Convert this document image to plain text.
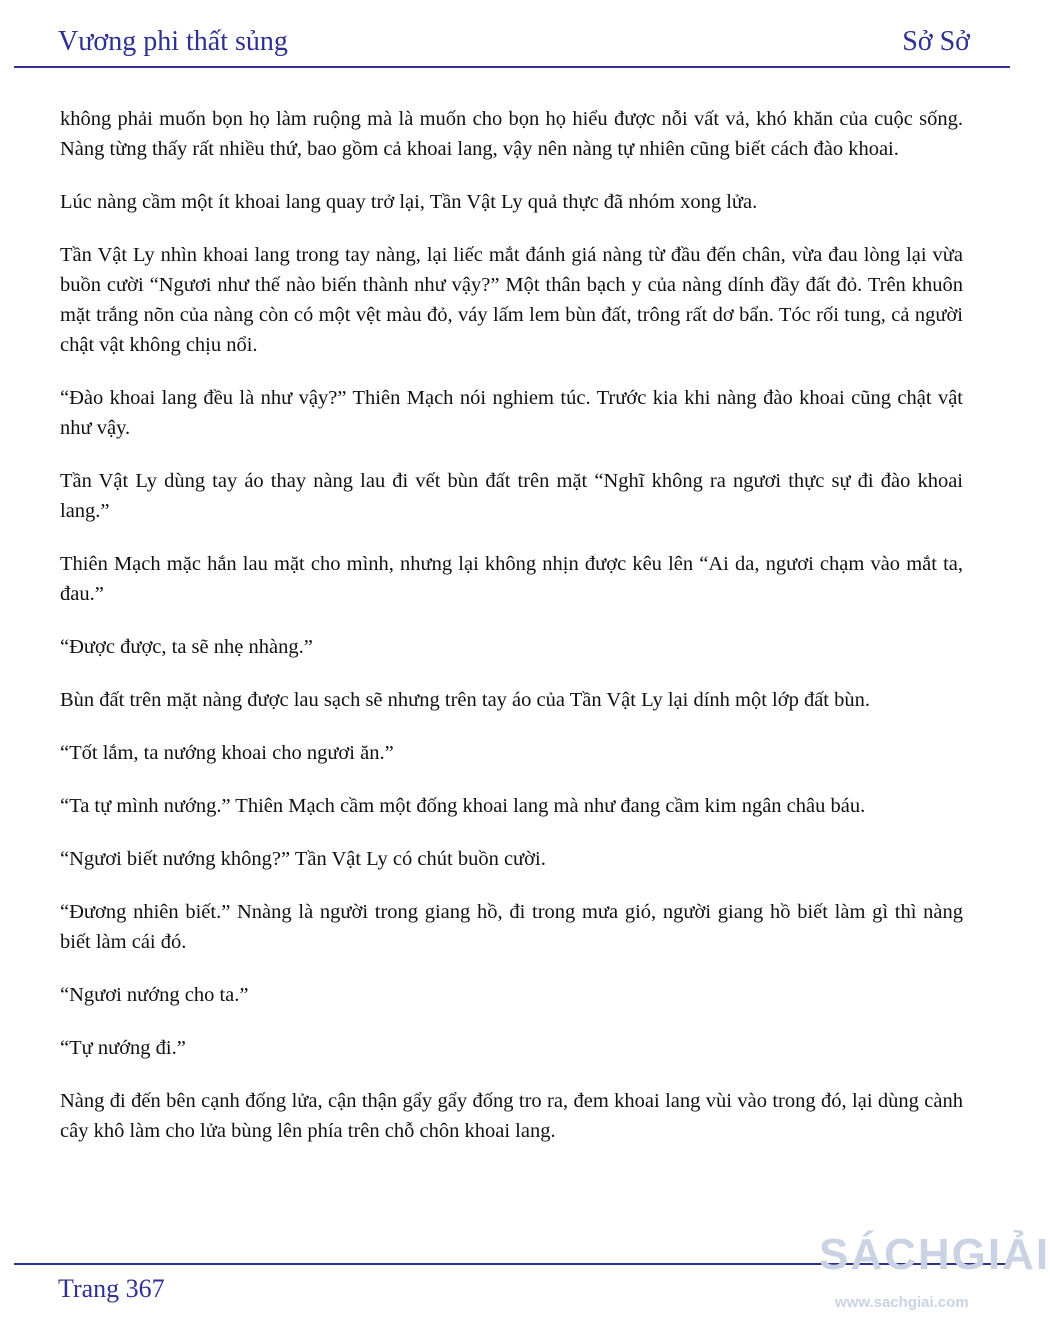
Vương phi thất sủng	Sở Sở

không phải muốn bọn họ làm ruộng mà là muốn cho bọn họ hiểu được nỗi vất vả, khó khăn của cuộc sống. Nàng từng thấy rất nhiều thứ, bao gồm cả khoai lang, vậy nên nàng tự nhiên cũng biết cách đào khoai.

Lúc nàng cầm một ít khoai lang quay trở lại, Tần Vật Ly quả thực đã nhóm xong lửa.

Tần Vật Ly nhìn khoai lang trong tay nàng, lại liếc mắt đánh giá nàng từ đầu đến chân, vừa đau lòng lại vừa buồn cười “Ngươi như thế nào biến thành như vậy?” Một thân bạch y của nàng dính đầy đất đỏ. Trên khuôn mặt trắng nõn của nàng còn có một vệt màu đỏ, váy lấm lem bùn đất, trông rất dơ bẩn. Tóc rối tung, cả người chật vật không chịu nổi.

“Đào khoai lang đều là như vậy?” Thiên Mạch nói nghiem túc. Trước kia khi nàng đào khoai cũng chật vật như vậy.

Tần Vật Ly dùng tay áo thay nàng lau đi vết bùn đất trên mặt “Nghĩ không ra ngươi thực sự đi đào khoai lang.”

Thiên Mạch mặc hắn lau mặt cho mình, nhưng lại không nhịn được kêu lên “Ai da, ngươi chạm vào mắt ta, đau.”

“Được được, ta sẽ nhẹ nhàng.”

Bùn đất trên mặt nàng được lau sạch sẽ nhưng trên tay áo của Tần Vật Ly lại dính một lớp đất bùn.

“Tốt lắm, ta nướng khoai cho ngươi ăn.”

“Ta tự mình nướng.” Thiên Mạch cầm một đống khoai lang mà như đang cầm kim ngân châu báu.

“Ngươi biết nướng không?” Tần Vật Ly có chút buồn cười.

“Đương nhiên biết.” Nnàng là người trong giang hồ, đi trong mưa gió, người giang hồ biết làm gì thì nàng biết làm cái đó.

“Ngươi nướng cho ta.”

“Tự nướng đi.”

Nàng đi đến bên cạnh đống lửa, cận thận gẩy gẩy đống tro ra, đem khoai lang vùi vào trong đó, lại dùng cành cây khô làm cho lửa bùng lên phía trên chỗ chôn khoai lang.

Trang 367
SÁCHGIẢI
www.sachgiai.com
